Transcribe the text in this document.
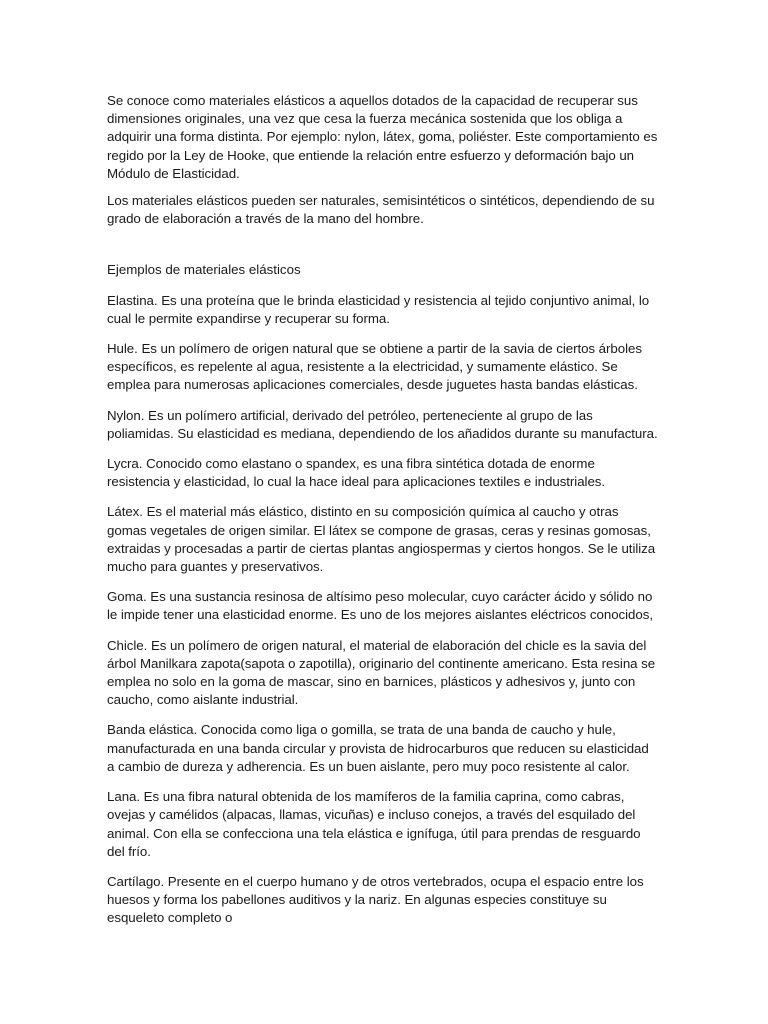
Se conoce como materiales elásticos a aquellos dotados de la capacidad de recuperar sus dimensiones originales, una vez que cesa la fuerza mecánica sostenida que los obliga a adquirir una forma distinta. Por ejemplo: nylon, látex, goma, poliéster. Este comportamiento es regido por la Ley de Hooke, que entiende la relación entre esfuerzo y deformación bajo un Módulo de Elasticidad.

Los materiales elásticos pueden ser naturales, semisintéticos o sintéticos, dependiendo de su grado de elaboración a través de la mano del hombre.

Ejemplos de materiales elásticos

Elastina. Es una proteína que le brinda elasticidad y resistencia al tejido conjuntivo animal, lo cual le permite expandirse y recuperar su forma.

Hule. Es un polímero de origen natural que se obtiene a partir de la savia de ciertos árboles específicos, es repelente al agua, resistente a la electricidad, y sumamente elástico. Se emplea para numerosas aplicaciones comerciales, desde juguetes hasta bandas elásticas.

Nylon. Es un polímero artificial, derivado del petróleo, perteneciente al grupo de las poliamidas. Su elasticidad es mediana, dependiendo de los añadidos durante su manufactura.

Lycra. Conocido como elastano o spandex, es una fibra sintética dotada de enorme resistencia y elasticidad, lo cual la hace ideal para aplicaciones textiles e industriales.

Látex. Es el material más elástico, distinto en su composición química al caucho y otras gomas vegetales de origen similar. El látex se compone de grasas, ceras y resinas gomosas, extraidas y procesadas a partir de ciertas plantas angiospermas y ciertos hongos. Se le utiliza mucho para guantes y preservativos.

Goma. Es una sustancia resinosa de altísimo peso molecular, cuyo carácter ácido y sólido no le impide tener una elasticidad enorme. Es uno de los mejores aislantes eléctricos conocidos,

Chicle. Es un polímero de origen natural, el material de elaboración del chicle es la savia del árbol Manilkara zapota(sapota o zapotilla), originario del continente americano. Esta resina se emplea no solo en la goma de mascar, sino en barnices, plásticos y adhesivos y, junto con caucho, como aislante industrial.

Banda elástica. Conocida como liga o gomilla, se trata de una banda de caucho y hule, manufacturada en una banda circular y provista de hidrocarburos que reducen su elasticidad a cambio de dureza y adherencia. Es un buen aislante, pero muy poco resistente al calor.

Lana. Es una fibra natural obtenida de los mamíferos de la familia caprina, como cabras, ovejas y camélidos (alpacas, llamas, vicuñas) e incluso conejos, a través del esquilado del animal. Con ella se confecciona una tela elástica e ignífuga, útil para prendas de resguardo del frío.

Cartílago. Presente en el cuerpo humano y de otros vertebrados, ocupa el espacio entre los huesos y forma los pabellones auditivos y la nariz. En algunas especies constituye su esqueleto completo o
